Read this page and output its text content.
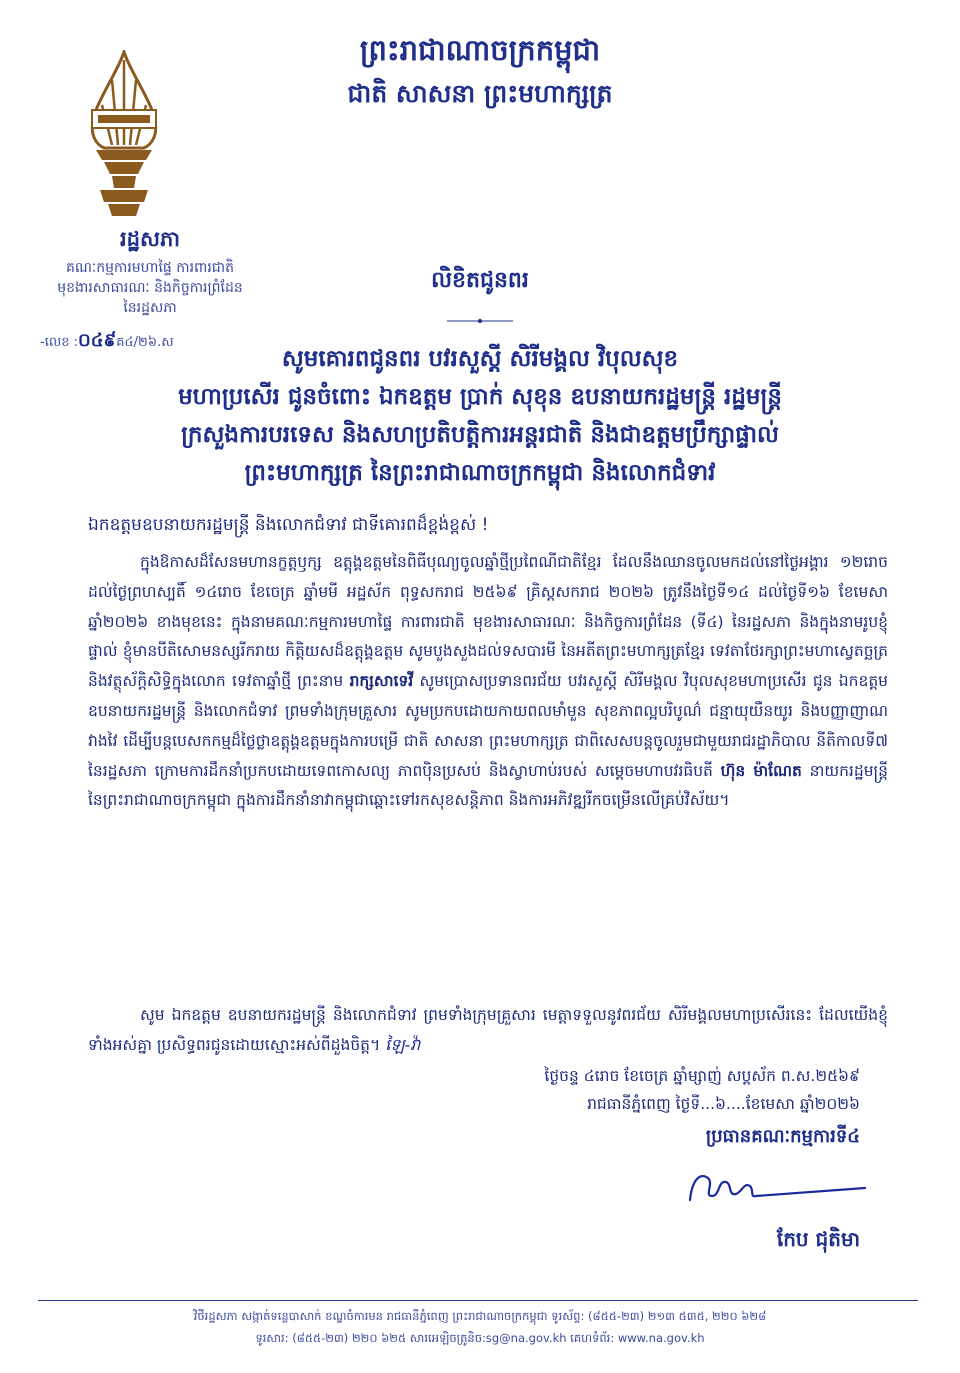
ព្រះរាជាណាចក្រកម្ពុជា
ជាតិ សាសនា ព្រះមហាក្សត្រ
រដ្ឋសភា
គណៈកម្មការមហាផ្ទៃ ការពារជាតិ
មុខងារសាធារណៈ និងកិច្ចការព្រំដែន
នៃរដ្ឋសភា
-លេខ :០៤៩គ៤/២៦.ស
លិខិតជូនពរ
សូមគោរពជូនពរ បវរសួស្តី សិរីមង្គល វិបុលសុខ
មហាប្រសើរ ជូនចំពោះ ឯកឧត្តម ប្រាក់ សុខុន ឧបនាយករដ្ឋមន្ត្រី រដ្ឋមន្ត្រី
ក្រសួងការបរទេស និងសហប្រតិបត្តិការអន្តរជាតិ និងជាឧត្តមប្រឹក្សាផ្ទាល់
ព្រះមហាក្សត្រ នៃព្រះរាជាណាចក្រកម្ពុជា និងលោកជំទាវ
ឯកឧត្តមឧបនាយករដ្ឋមន្ត្រី និងលោកជំទាវ ជាទីគោរពដ៏ខ្ពង់ខ្ពស់ !
ក្នុងឱកាសដ៏សែនមហានក្ខត្តឫក្ស ឧត្តុង្គឧត្តមនៃពិធីបុណ្យចូលឆ្នាំថ្មីប្រពៃណីជាតិខ្មែរ ដែលនឹងឈានចូលមកដល់នៅថ្ងៃអង្គារ ១២រោច ដល់ថ្ងៃព្រហស្បតិ៍ ១៤រោច ខែចេត្រ ឆ្នាំមមី អដ្ឋស័ក ពុទ្ធសករាជ ២៥៦៩ គ្រិស្តសករាជ ២០២៦ ត្រូវនឹងថ្ងៃទី១៤ ដល់ថ្ងៃទី១៦ ខែមេសា ឆ្នាំ២០២៦ ខាងមុខនេះ ក្នុងនាមគណៈកម្មការមហាផ្ទៃ ការពារជាតិ មុខងារសាធារណៈ និងកិច្ចការព្រំដែន (ទី៤) នៃរដ្ឋសភា និងក្នុងនាមរូបខ្ញុំផ្ទាល់ ខ្ញុំមានបីតិសោមនស្សរីករាយ កិត្តិយសដ៏ឧត្តុង្គឧត្តម សូមបួងសួងដល់ទសបារមី នៃអតីតព្រះមហាក្សត្រខ្មែរ ទេវតាថែរក្សាព្រះមហាស្វេតច្ឆត្រ និងវត្ថុស័ក្តិសិទ្ធិក្នុងលោក ទេវតាឆ្នាំថ្មី ព្រះនាម រាក្សសាទេវី សូមប្រោសប្រទានពរជ័យ បវរសួស្តី សិរីមង្គល វិបុលសុខមហាប្រសើរ ជូន ឯកឧត្តម ឧបនាយករដ្ឋមន្ត្រី និងលោកជំទាវ ព្រមទាំងក្រុមគ្រួសារ សូមប្រកបដោយកាយពលមាំមួន សុខភាពល្អបរិបូណ៌ ជន្មាយុយឺនយូរ និងបញ្ញាញាណវាងវៃ ដើម្បីបន្តបេសកកម្មដ៏ថ្លៃថ្លាឧត្តុង្គឧត្តមក្នុងការបម្រើ ជាតិ សាសនា ព្រះមហាក្សត្រ ជាពិសេសបន្តចូលរួមជាមួយរាជរដ្ឋាភិបាល នីតិកាលទី៧ នៃរដ្ឋសភា ក្រោមការដឹកនាំប្រកបដោយទេពកោសល្យ ភាពប៉ិនប្រសប់ និងស្វាហាប់របស់ សម្តេចមហាបវរធិបតី ហ៊ុន ម៉ាណែត នាយករដ្ឋមន្ត្រី នៃព្រះរាជាណាចក្រកម្ពុជា ក្នុងការដឹកនាំនាវាកម្ពុជាឆ្ពោះទៅរកសុខសន្តិភាព និងការអភិវឌ្ឍរីកចម្រើនលើគ្រប់វិស័យ។
សូម ឯកឧត្តម ឧបនាយករដ្ឋមន្ត្រី និងលោកជំទាវ ព្រមទាំងក្រុមគ្រួសារ មេត្តាទទួលនូវពរជ័យ សិរីមង្គលមហាប្រសើរនេះ ដែលយើងខ្ញុំទាំងអស់គ្នា ប្រសិទ្ធពរជូនដោយស្មោះអស់ពីដួងចិត្ត។ ឡៃ-វ៉ា
ថ្ងៃចន្ទ ៤រោច ខែចេត្រ ឆ្នាំម្សាញ់ សប្តស័ក ព.ស.២៥៦៩
រាជធានីភ្នំពេញ ថ្ងៃទី...៦....ខែមេសា ឆ្នាំ២០២៦
ប្រធានគណៈកម្មការទី៤
កែប ជុតិមា
វិថីរដ្ឋសភា សង្កាត់ទន្លេបាសាក់ ខណ្ឌចំការមន រាជធានីភ្នំពេញ ព្រះរាជាណាចក្រកម្ពុជា ទូរស័ព្ទ: (៨៥៥-២៣) ២១៣ ៥៣៥, ២២០ ៦២៨
ទូរសារ: (៨៥៥-២៣) ២២០ ៦២៥ សារអេឡិចត្រូនិច:sg@na.gov.kh គេហទំព័រ: www.na.gov.kh
